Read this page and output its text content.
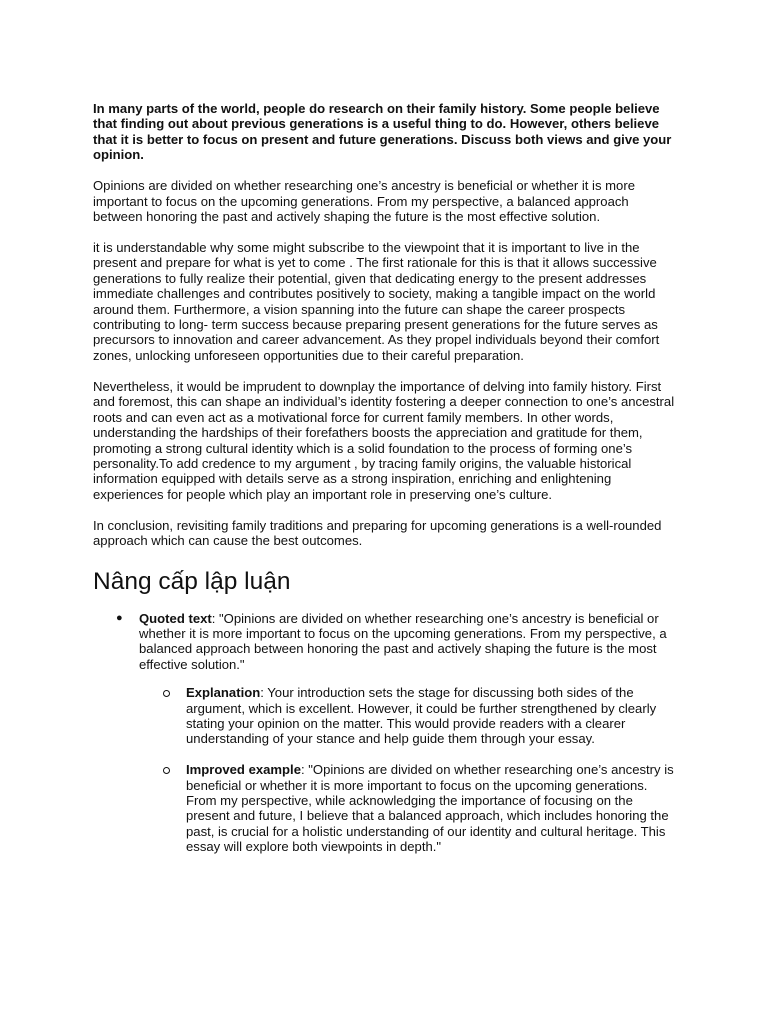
In many parts of the world, people do research on their family history. Some people believe that finding out about previous generations is a useful thing to do. However, others believe that it is better to focus on present and future generations. Discuss both views and give your opinion.

Opinions are divided on whether researching one’s ancestry is beneficial or whether it is more important to focus on the upcoming generations. From my perspective, a balanced approach between honoring the past and actively shaping the future is the most effective solution.

it is understandable why some might subscribe to the viewpoint that it is important to live in the present and prepare for what is yet to come . The first rationale for this is that it allows successive generations to fully realize their potential, given that dedicating energy to the present addresses immediate challenges and contributes positively to society, making a tangible impact on the world around them. Furthermore, a vision spanning into the future can shape the career prospects contributing to long- term success because preparing present generations for the future serves as precursors to innovation and career advancement. As they propel individuals beyond their comfort zones, unlocking unforeseen opportunities due to their careful preparation.

Nevertheless, it would be imprudent to downplay the importance of delving into family history. First and foremost, this can shape an individual’s identity fostering a deeper connection to one’s ancestral roots and can even act as a motivational force for current family members. In other words, understanding the hardships of their forefathers boosts the appreciation and gratitude for them, promoting a strong cultural identity which is a solid foundation to the process of forming one’s personality.To add credence to my argument , by tracing family origins, the valuable historical information equipped with details serve as a strong inspiration, enriching and enlightening experiences for people which play an important role in preserving one’s culture.

In conclusion, revisiting family traditions and preparing for upcoming generations is a well-rounded approach which can cause the best outcomes.

Nâng cấp lập luận
● Quoted text: "Opinions are divided on whether researching one’s ancestry is beneficial or whether it is more important to focus on the upcoming generations. From my perspective, a balanced approach between honoring the past and actively shaping the future is the most effective solution."
Explanation: Your introduction sets the stage for discussing both sides of the argument, which is excellent. However, it could be further strengthened by clearly stating your opinion on the matter. This would provide readers with a clearer understanding of your stance and help guide them through your essay.
Improved example: "Opinions are divided on whether researching one’s ancestry is beneficial or whether it is more important to focus on the upcoming generations. From my perspective, while acknowledging the importance of focusing on the present and future, I believe that a balanced approach, which includes honoring the past, is crucial for a holistic understanding of our identity and cultural heritage. This essay will explore both viewpoints in depth."
